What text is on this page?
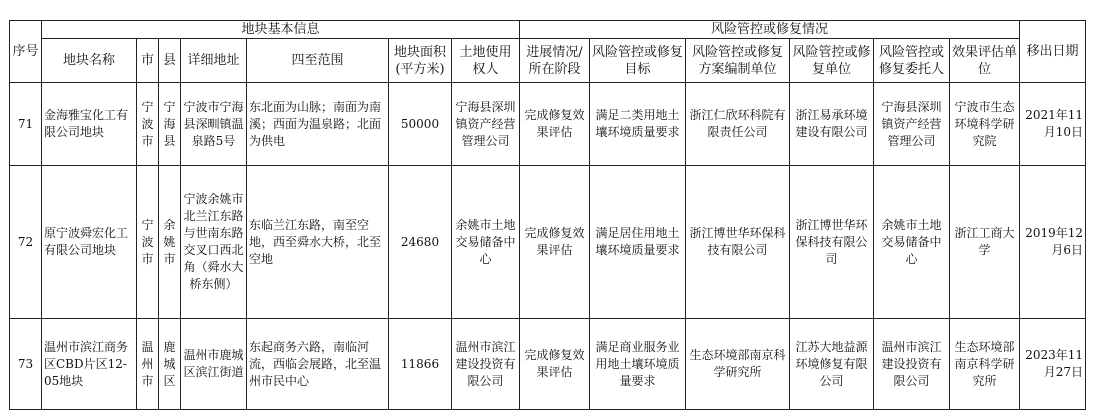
序号	地块基本信息							风险管控或修复情况						移出日期
	地块名称	市	县	详细地址	四至范围	地块面积(平方米)	土地使用权人	进展情况/所在阶段	风险管控或修复目标	风险管控或修复方案编制单位	风险管控或修复单位	风险管控或修复委托人	效果评估单位	
71	金海雅宝化工有限公司地块	宁波市	宁海县	宁波市宁海县深甽镇温泉路5号	东北面为山脉；南面为南溪；西面为温泉路；北面为供电	50000	宁海县深圳镇资产经营管理公司	完成修复效果评估	满足二类用地土壤环境质量要求	浙江仁欣环科院有限责任公司	浙江易承环境建设有限公司	宁海县深圳镇资产经营管理公司	宁波市生态环境科学研究院	2021年11月10日
72	原宁波舜宏化工有限公司地块	宁波市	余姚市	宁波余姚市北兰江东路与世南东路交叉口西北角（舜水大桥东侧）	东临兰江东路，南至空地，西至舜水大桥，北至空地	24680	余姚市土地交易储备中心	完成修复效果评估	满足居住用地土壤环境质量要求	浙江博世华环保科技有限公司	浙江博世华环保科技有限公司	余姚市土地交易储备中心	浙江工商大学	2019年12月6日
73	温州市滨江商务区CBD片区12-05地块	温州市	鹿城区	温州市鹿城区滨江街道	东起商务六路，南临河流，西临会展路，北至温州市民中心	11866	温州市滨江建设投资有限公司	完成修复效果评估	满足商业服务业用地土壤环境质量要求	生态环境部南京科学研究所	江苏大地益源环境修复有限公司	温州市滨江建设投资有限公司	生态环境部南京科学研究所	2023年11月27日
